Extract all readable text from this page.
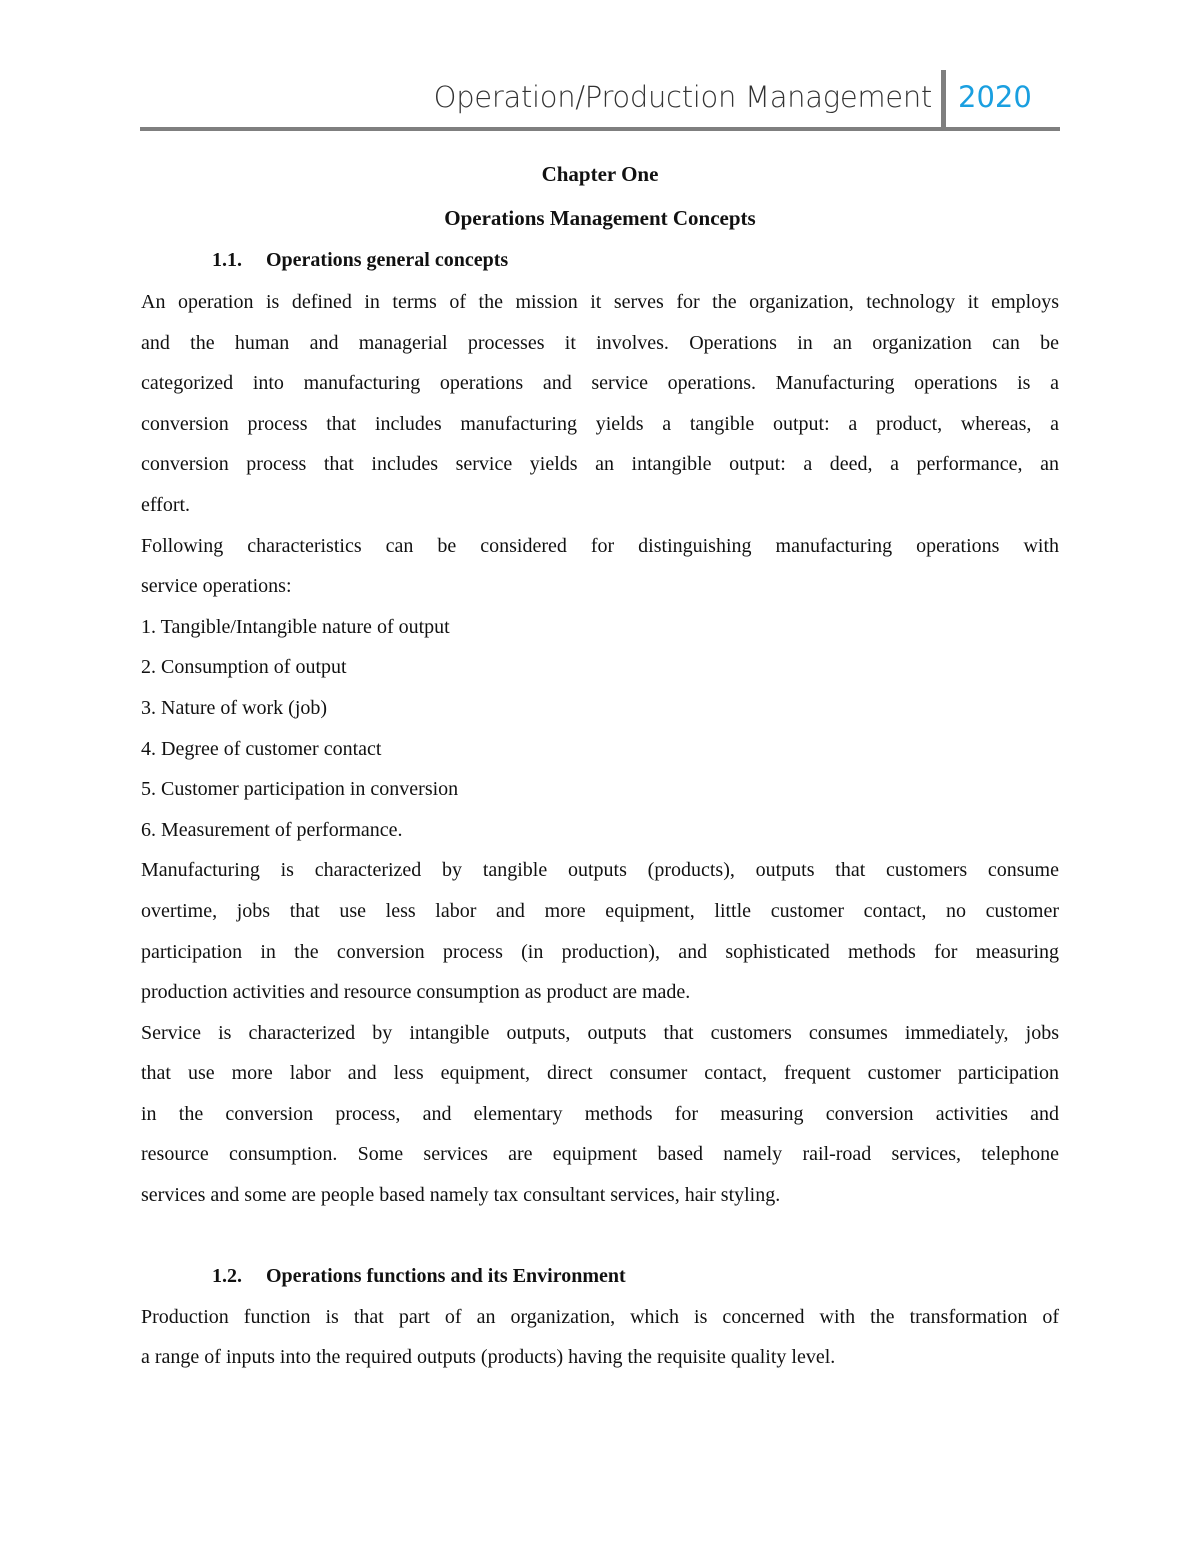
Operation/Production Management 2020
Chapter One
Operations Management Concepts
1.1. Operations general concepts
An operation is defined in terms of the mission it serves for the organization, technology it employs
and the human and managerial processes it involves. Operations in an organization can be
categorized into manufacturing operations and service operations. Manufacturing operations is a
conversion process that includes manufacturing yields a tangible output: a product, whereas, a
conversion process that includes service yields an intangible output: a deed, a performance, an
effort.
Following characteristics can be considered for distinguishing manufacturing operations with
service operations:
1. Tangible/Intangible nature of output
2. Consumption of output
3. Nature of work (job)
4. Degree of customer contact
5. Customer participation in conversion
6. Measurement of performance.
Manufacturing is characterized by tangible outputs (products), outputs that customers consume
overtime, jobs that use less labor and more equipment, little customer contact, no customer
participation in the conversion process (in production), and sophisticated methods for measuring
production activities and resource consumption as product are made.
Service is characterized by intangible outputs, outputs that customers consumes immediately, jobs
that use more labor and less equipment, direct consumer contact, frequent customer participation
in the conversion process, and elementary methods for measuring conversion activities and
resource consumption. Some services are equipment based namely rail-road services, telephone
services and some are people based namely tax consultant services, hair styling.
1.2. Operations functions and its Environment
Production function is that part of an organization, which is concerned with the transformation of
a range of inputs into the required outputs (products) having the requisite quality level.
